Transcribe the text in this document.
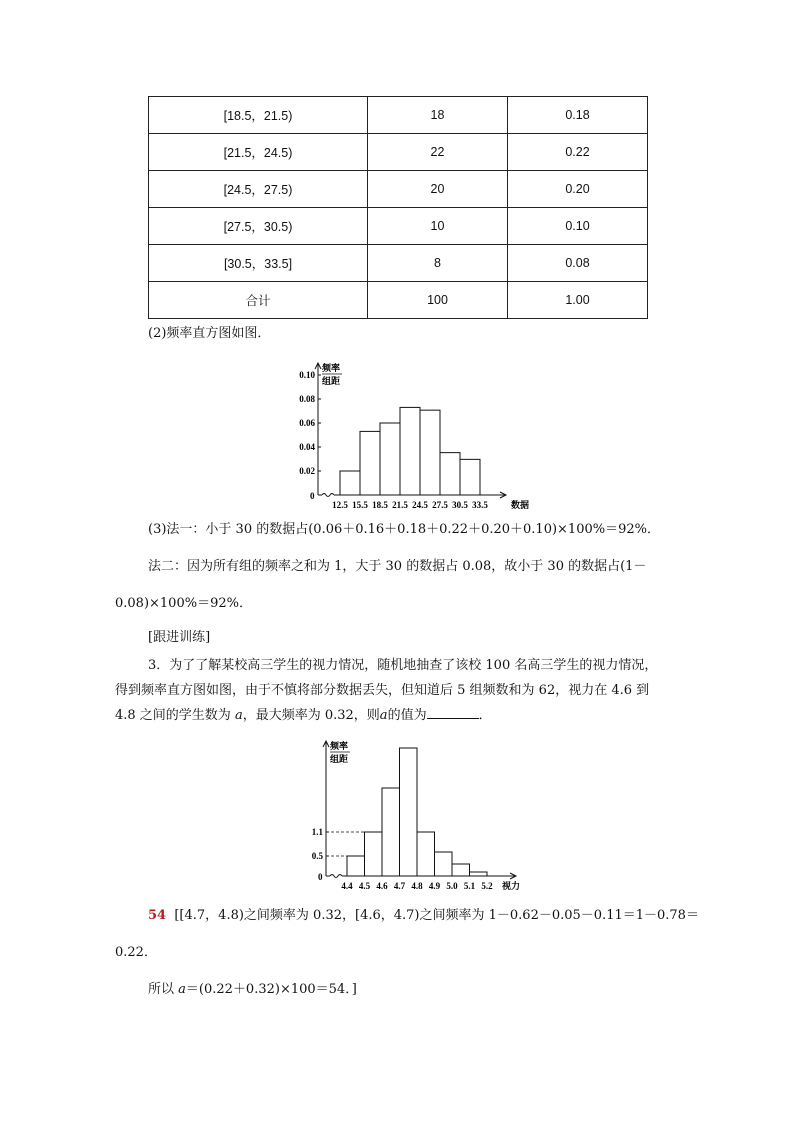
[18.5，21.5)	18	0.18
[21.5，24.5)	22	0.22
[24.5，27.5)	20	0.20
[27.5，30.5)	10	0.10
[30.5，33.5]	8	0.08
合计	100	1.00
(2)频率直方图如图．
频率
组距
0
0.10
0.08
0.06
0.04
0.02
12.5 15.5 18.5 21.5 24.5 27.5 30.5 33.5	数据
(3)法一：小于 30 的数据占(0.06＋0.16＋0.18＋0.22＋0.20＋0.10)×100%＝92%．
法二：因为所有组的频率之和为 1，大于 30 的数据占 0.08，故小于 30 的数据占(1－
0.08)×100%＝92%．
[跟进训练]
3．为了了解某校高三学生的视力情况，随机地抽查了该校 100 名高三学生的视力情况，
得到频率直方图如图，由于不慎将部分数据丢失，但知道后 5 组频数和为 62，视力在 4.6 到
4.8 之间的学生数为 a，最大频率为 0.32，则a的值为	．
频率
组距
0
1.1
0.5
4.4 4.5 4.6 4.7 4.8 4.9 5.0 5.1 5.2 视力
54 [[4.7，4.8)之间频率为 0.32，[4.6，4.7)之间频率为 1－0.62－0.05－0.11＝1－0.78＝
0.22．
所以 a＝(0.22＋0.32)×100＝54．]
